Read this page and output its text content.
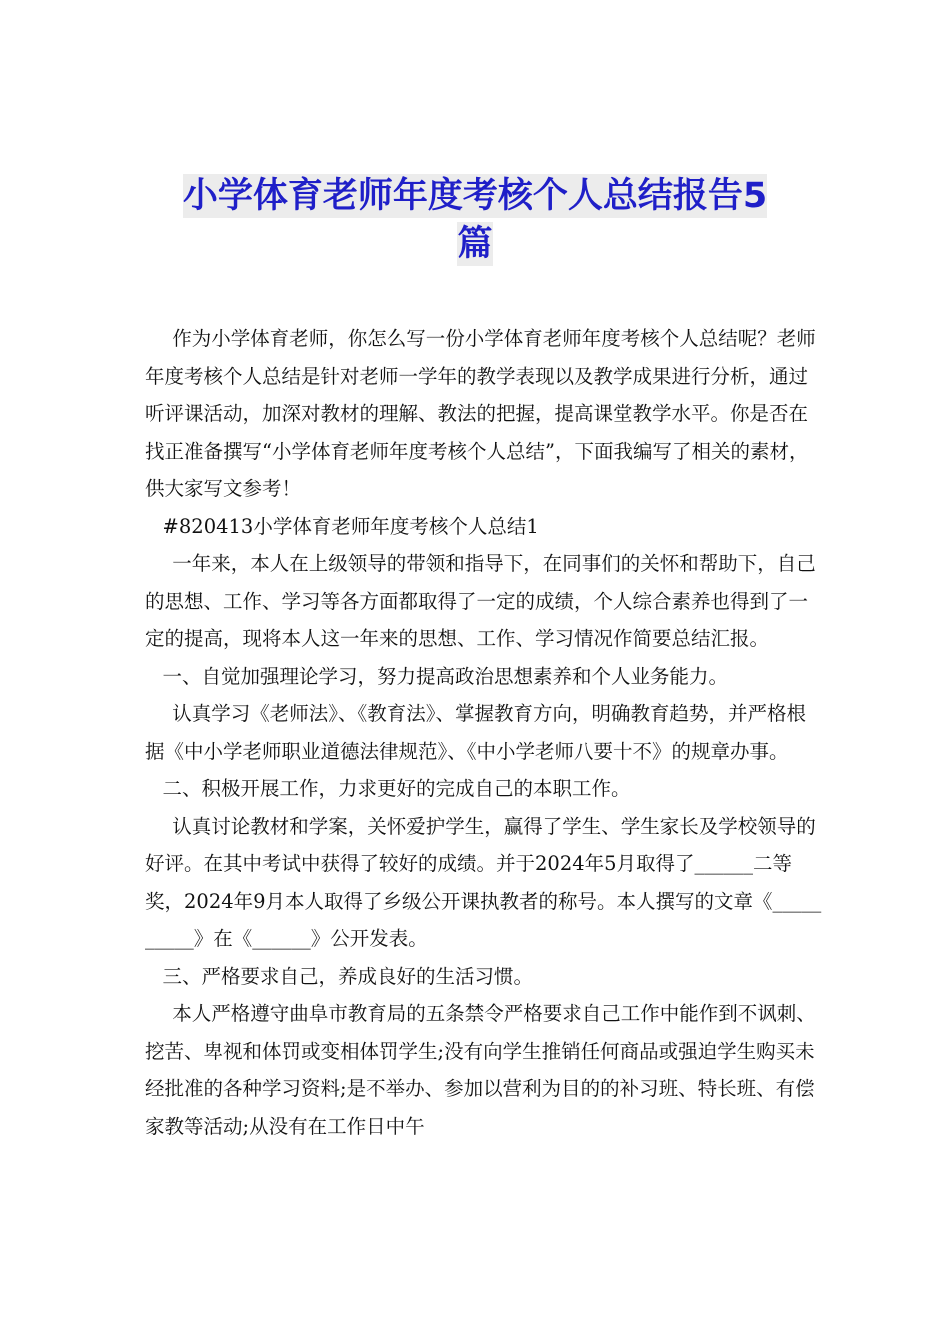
小学体育老师年度考核个人总结报告5
篇

作为小学体育老师，你怎么写一份小学体育老师年度考核个人总结呢？老师年度考核个人总结是针对老师一学年的教学表现以及教学成果进行分析，通过听评课活动，加深对教材的理解、教法的把握，提高课堂教学水平。你是否在找正准备撰写“小学体育老师年度考核个人总结”，下面我编写了相关的素材，供大家写文参考！

#820413小学体育老师年度考核个人总结1

一年来，本人在上级领导的带领和指导下，在同事们的关怀和帮助下，自己的思想、工作、学习等各方面都取得了一定的成绩，个人综合素养也得到了一定的提高，现将本人这一年来的思想、工作、学习情况作简要总结汇报。

一、自觉加强理论学习，努力提高政治思想素养和个人业务能力。

认真学习《老师法》、《教育法》、掌握教育方向，明确教育趋势，并严格根据《中小学老师职业道德法律规范》、《中小学老师八要十不》的规章办事。

二、积极开展工作，力求更好的完成自己的本职工作。

认真讨论教材和学案，关怀爱护学生，赢得了学生、学生家长及学校领导的好评。在其中考试中获得了较好的成绩。并于2024年5月取得了______二等奖，2024年9月本人取得了乡级公开课执教者的称号。本人撰写的文章《__________》在《______》公开发表。

三、严格要求自己，养成良好的生活习惯。

本人严格遵守曲阜市教育局的五条禁令严格要求自己工作中能作到不讽刺、挖苦、卑视和体罚或变相体罚学生;没有向学生推销任何商品或强迫学生购买未经批准的各种学习资料;是不举办、参加以营利为目的的补习班、特长班、有偿家教等活动;从没有在工作日中午
